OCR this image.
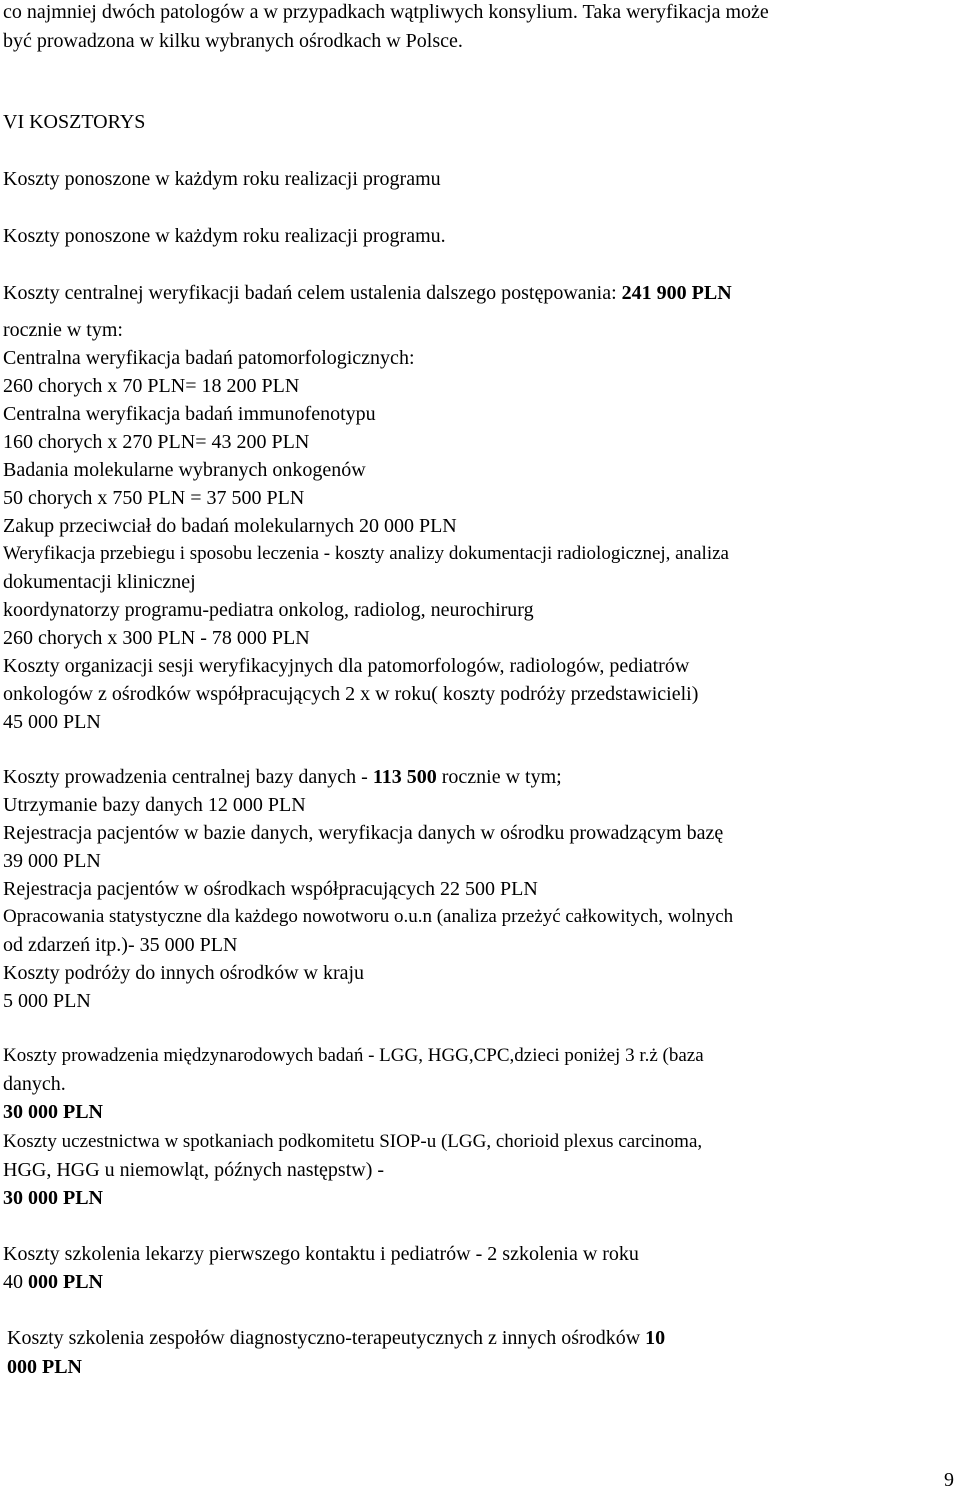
co najmniej dwóch patologów a w przypadkach wątpliwych konsylium. Taka weryfikacja może

być prowadzona w kilku wybranych ośrodkach w Polsce.

VI KOSZTORYS

Koszty ponoszone w każdym roku realizacji programu

Koszty ponoszone w każdym roku realizacji programu.

Koszty centralnej weryfikacji badań celem ustalenia dalszego postępowania: 241 900 PLN

rocznie w tym:

Centralna weryfikacja badań patomorfologicznych:

260 chorych x 70 PLN= 18 200 PLN

Centralna weryfikacja badań immunofenotypu

160 chorych x 270 PLN= 43 200 PLN

Badania molekularne wybranych onkogenów

50 chorych x 750 PLN = 37 500 PLN

Zakup przeciwciał do badań molekularnych 20 000 PLN

Weryfikacja przebiegu i sposobu leczenia - koszty analizy dokumentacji radiologicznej, analiza

dokumentacji klinicznej

koordynatorzy programu-pediatra onkolog, radiolog, neurochirurg

260 chorych x 300 PLN - 78 000 PLN

Koszty organizacji sesji weryfikacyjnych dla patomorfologów, radiologów, pediatrów

onkologów z ośrodków współpracujących 2 x w roku( koszty podróży przedstawicieli)

45 000 PLN

Koszty prowadzenia centralnej bazy danych - 113 500 rocznie w tym;

Utrzymanie bazy danych 12 000 PLN

Rejestracja pacjentów w bazie danych, weryfikacja danych w ośrodku prowadzącym bazę

39 000 PLN

Rejestracja pacjentów w ośrodkach współpracujących 22 500 PLN

Opracowania statystyczne dla każdego nowotworu o.u.n (analiza przeżyć całkowitych, wolnych

od zdarzeń itp.)- 35 000 PLN

Koszty podróży do innych ośrodków w kraju

5 000 PLN

Koszty prowadzenia międzynarodowych badań - LGG, HGG,CPC,dzieci poniżej 3 r.ż (baza

danych.

30 000 PLN

Koszty uczestnictwa w spotkaniach podkomitetu SIOP-u (LGG, chorioid plexus carcinoma,

HGG, HGG u niemowląt, późnych następstw) -

30 000 PLN

Koszty szkolenia lekarzy pierwszego kontaktu i pediatrów - 2 szkolenia w roku

40 000 PLN

Koszty szkolenia zespołów diagnostyczno-terapeutycznych z innych ośrodków 10

000 PLN

9
